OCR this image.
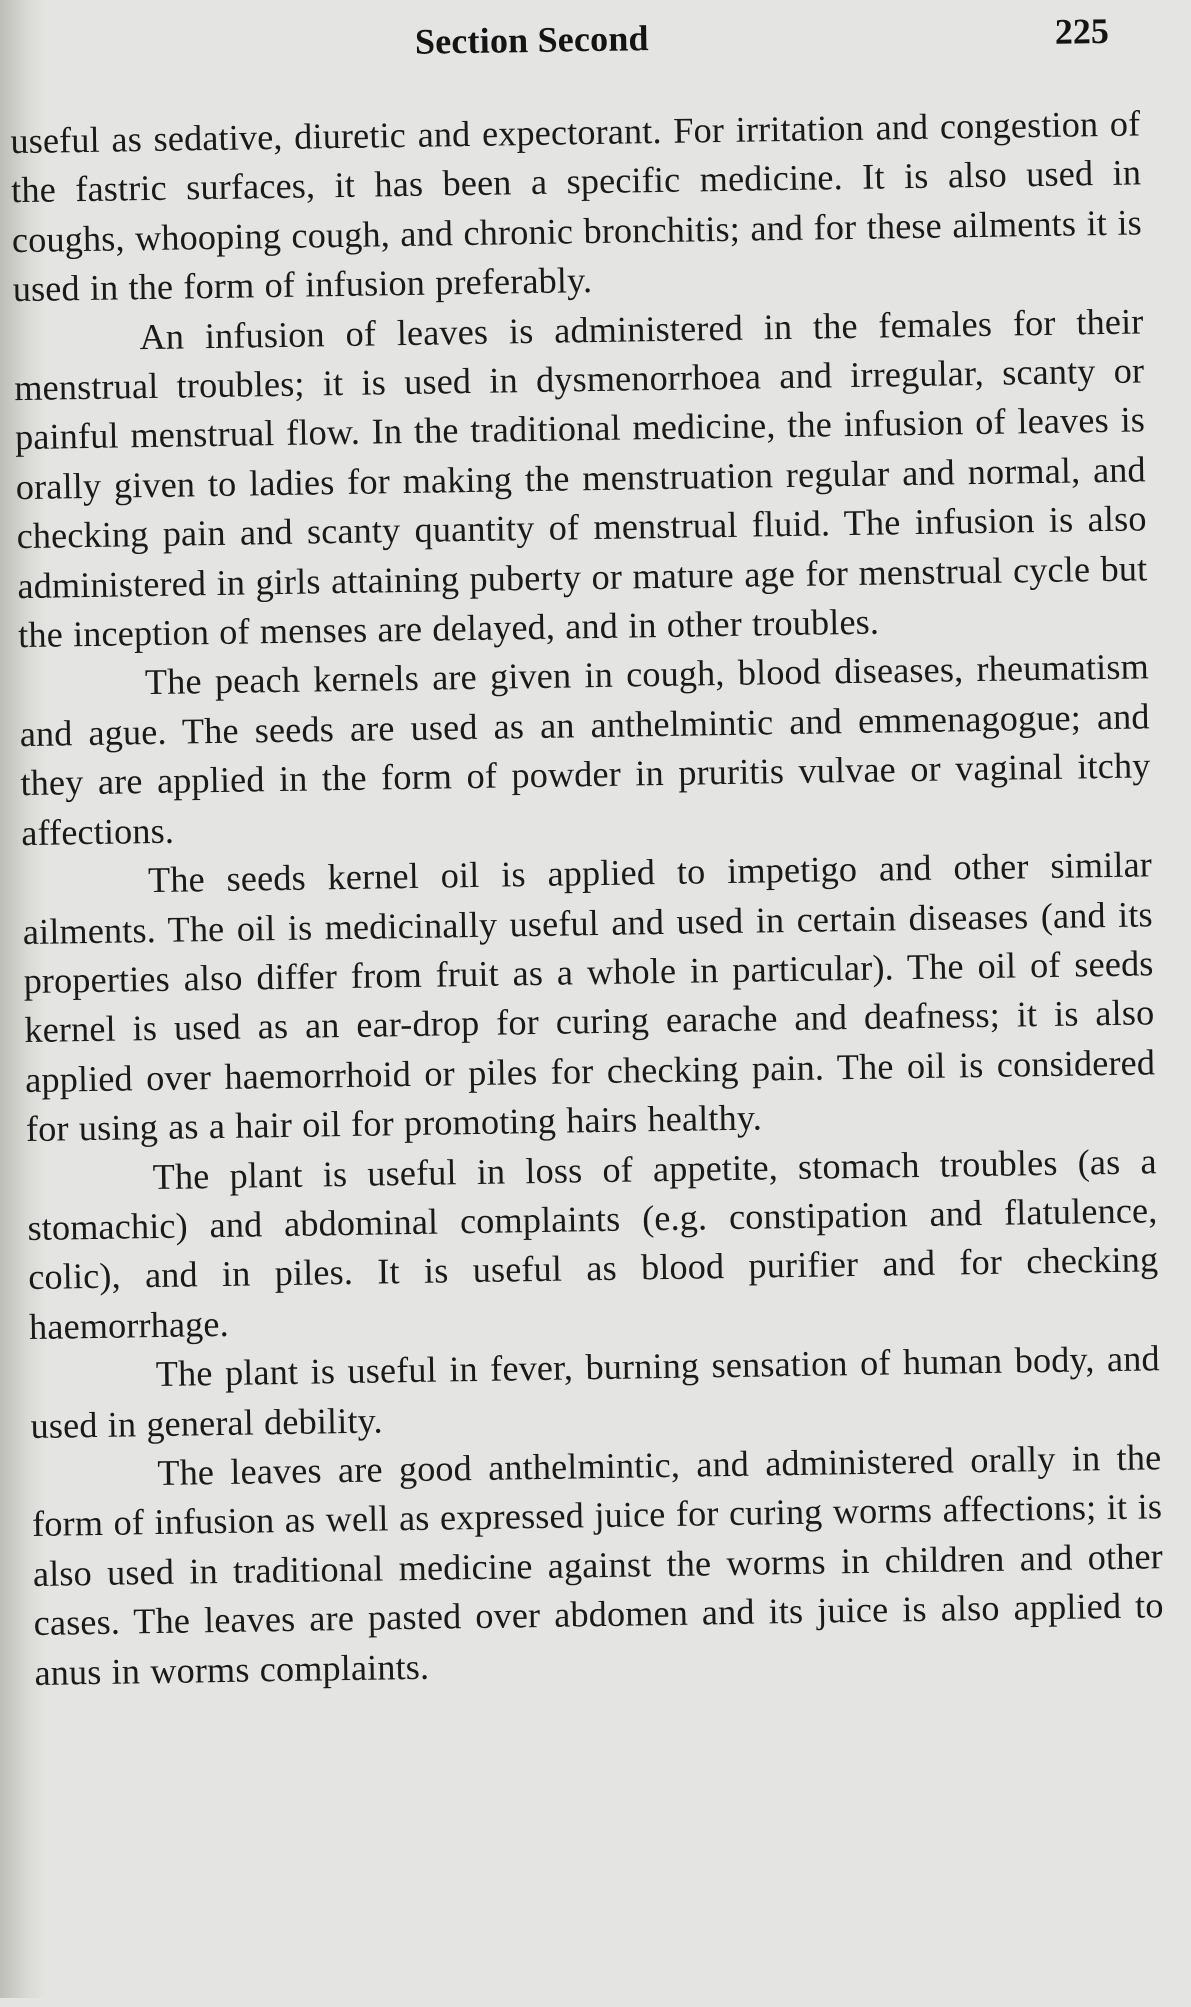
Section Second	225

useful as sedative, diuretic and expectorant. For irritation and congestion of the fastric surfaces, it has been a specific medicine. It is also used in coughs, whooping cough, and chronic bronchitis; and for these ailments it is used in the form of infusion preferably.

An infusion of leaves is administered in the females for their menstrual troubles; it is used in dysmenorrhoea and irregular, scanty or painful menstrual flow. In the traditional medicine, the infusion of leaves is orally given to ladies for making the menstruation regular and normal, and checking pain and scanty quantity of menstrual fluid. The infusion is also administered in girls attaining puberty or mature age for menstrual cycle but the inception of menses are delayed, and in other troubles.

The peach kernels are given in cough, blood diseases, rheumatism and ague. The seeds are used as an anthelmintic and emmenagogue; and they are applied in the form of powder in pruritis vulvae or vaginal itchy affections.

The seeds kernel oil is applied to impetigo and other similar ailments. The oil is medicinally useful and used in certain diseases (and its properties also differ from fruit as a whole in particular). The oil of seeds kernel is used as an ear-drop for curing earache and deafness; it is also applied over haemorrhoid or piles for checking pain. The oil is considered for using as a hair oil for promoting hairs healthy.

The plant is useful in loss of appetite, stomach troubles (as a stomachic) and abdominal complaints (e.g. constipation and flatulence, colic), and in piles. It is useful as blood purifier and for checking haemorrhage.

The plant is useful in fever, burning sensation of human body, and used in general debility.

The leaves are good anthelmintic, and administered orally in the form of infusion as well as expressed juice for curing worms affections; it is also used in traditional medicine against the worms in children and other cases. The leaves are pasted over abdomen and its juice is also applied to anus in worms complaints.
